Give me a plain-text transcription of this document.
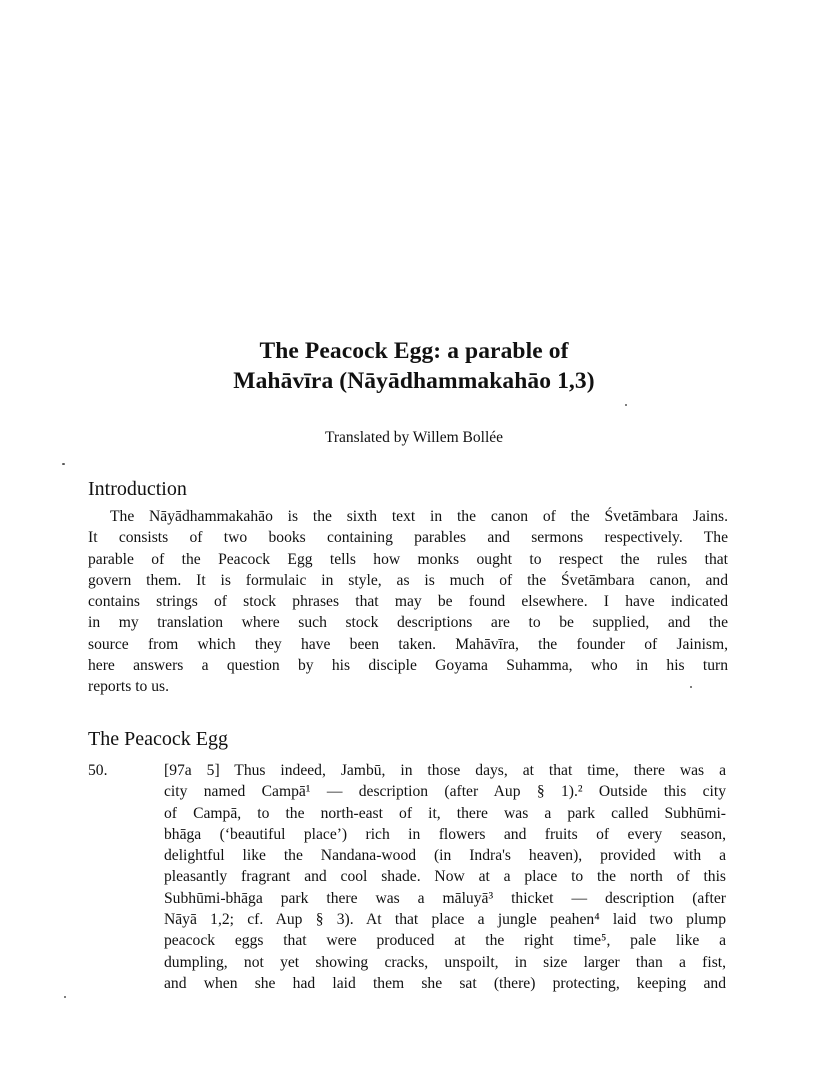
The Peacock Egg: a parable of
Mahāvīra (Nāyādhammakahāo 1,3)
Translated by Willem Bollée
Introduction
The Nāyādhammakahāo is the sixth text in the canon of the Śvetāmbara Jains.
It consists of two books containing parables and sermons respectively. The
parable of the Peacock Egg tells how monks ought to respect the rules that
govern them. It is formulaic in style, as is much of the Śvetāmbara canon, and
contains strings of stock phrases that may be found elsewhere. I have indicated
in my translation where such stock descriptions are to be supplied, and the
source from which they have been taken. Mahāvīra, the founder of Jainism,
here answers a question by his disciple Goyama Suhamma, who in his turn
reports to us.
The Peacock Egg
50.	[97a 5] Thus indeed, Jambū, in those days, at that time, there was a
city named Campā¹ — description (after Aup § 1).² Outside this city
of Campā, to the north-east of it, there was a park called Subhūmi-
bhāga (‘beautiful place’) rich in flowers and fruits of every season,
delightful like the Nandana-wood (in Indra's heaven), provided with a
pleasantly fragrant and cool shade. Now at a place to the north of this
Subhūmi-bhāga park there was a māluyā³ thicket — description (after
Nāyā 1,2; cf. Aup § 3). At that place a jungle peahen⁴ laid two plump
peacock eggs that were produced at the right time⁵, pale like a
dumpling, not yet showing cracks, unspoilt, in size larger than a fist,
and when she had laid them she sat (there) protecting, keeping and
